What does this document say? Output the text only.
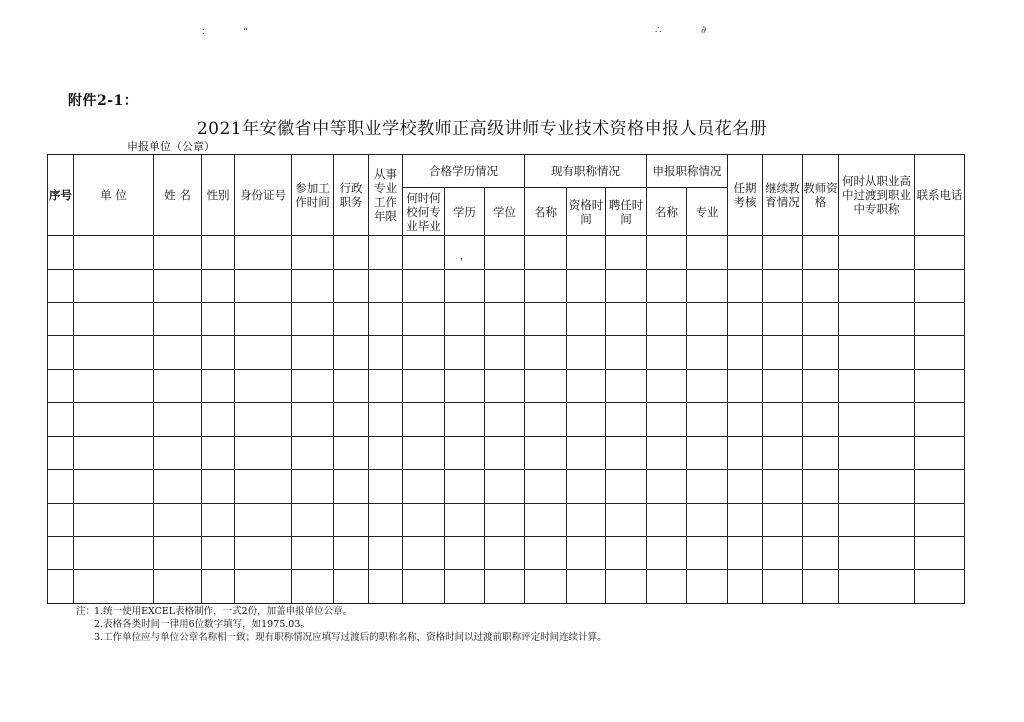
∶	“	∴	∂
附件2-1：
2021年安徽省中等职业学校教师正高级讲师专业技术资格申报人员花名册
申报单位（公章）
序号	单 位	姓 名	性别	身份证号	参加工作时间	行政职务	从事专业工作年限	合格学历情况			现有职称情况			申报职称情况		任期考核	继续教育情况	教师资格	何时从职业高中过渡到职业中专职称	联系电话
								何时何校何专业毕业	学历	学位	名称	资格时间	聘任时间	名称	专业					
									$_,$											

注：
1.统一使用EXCEL表格制作，一式2份，加盖申报单位公章。
2.表格各类时间一律用6位数字填写，如1975.03。
3.工作单位应与单位公章名称相一致；现有职称情况应填写过渡后的职称名称，资格时间以过渡前职称评定时间连续计算。
